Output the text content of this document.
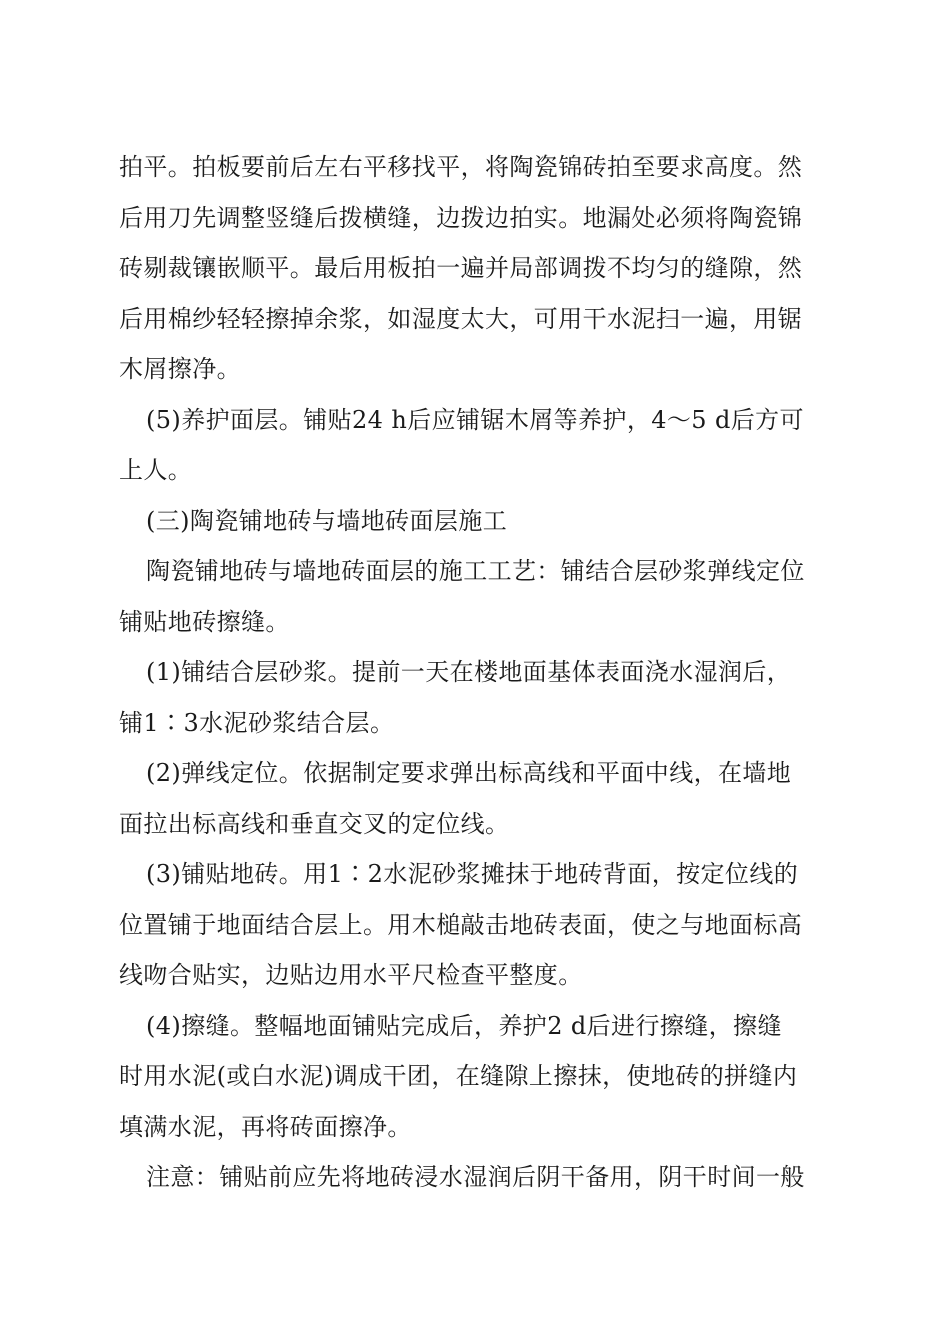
拍平。拍板要前后左右平移找平，将陶瓷锦砖拍至要求高度。然
后用刀先调整竖缝后拨横缝，边拨边拍实。地漏处必须将陶瓷锦
砖剔裁镶嵌顺平。最后用板拍一遍并局部调拨不均匀的缝隙，然
后用棉纱轻轻擦掉余浆，如湿度太大，可用干水泥扫一遍，用锯
木屑擦净。
(5)养护面层。铺贴24 h后应铺锯木屑等养护，4～5 d后方可
上人。
(三)陶瓷铺地砖与墙地砖面层施工
陶瓷铺地砖与墙地砖面层的施工工艺：铺结合层砂浆弹线定位
铺贴地砖擦缝。
(1)铺结合层砂浆。提前一天在楼地面基体表面浇水湿润后，
铺1∶3水泥砂浆结合层。
(2)弹线定位。依据制定要求弹出标高线和平面中线，在墙地
面拉出标高线和垂直交叉的定位线。
(3)铺贴地砖。用1∶2水泥砂浆摊抹于地砖背面，按定位线的
位置铺于地面结合层上。用木槌敲击地砖表面，使之与地面标高
线吻合贴实，边贴边用水平尺检查平整度。
(4)擦缝。整幅地面铺贴完成后，养护2 d后进行擦缝，擦缝
时用水泥(或白水泥)调成干团，在缝隙上擦抹，使地砖的拼缝内
填满水泥，再将砖面擦净。
注意：铺贴前应先将地砖浸水湿润后阴干备用，阴干时间一般
